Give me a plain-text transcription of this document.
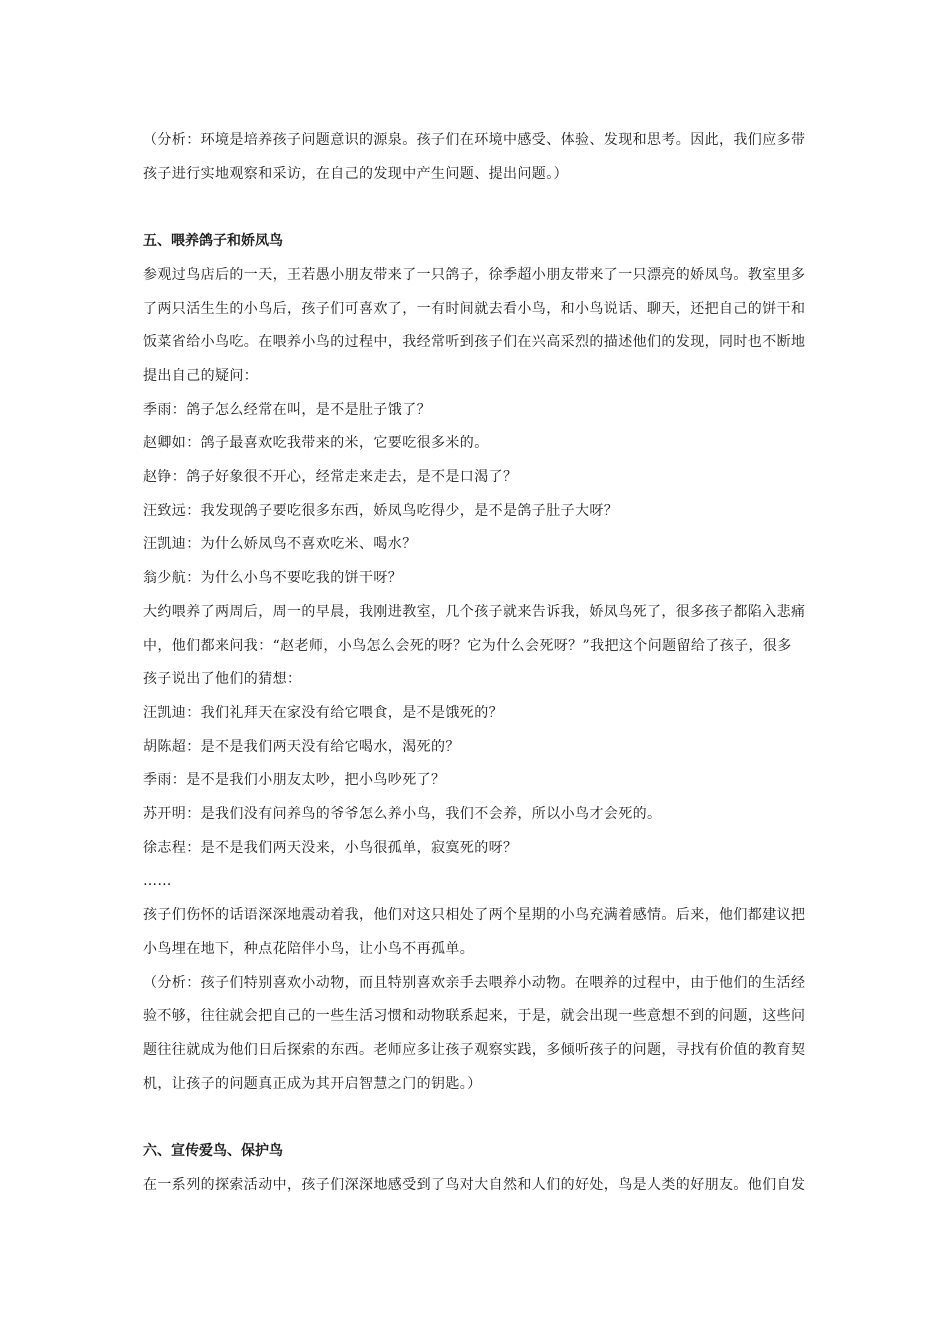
（分析：环境是培养孩子问题意识的源泉。孩子们在环境中感受、体验、发现和思考。因此，我们应多带
孩子进行实地观察和采访，在自己的发现中产生问题、提出问题。）
五、喂养鸽子和娇凤鸟
参观过鸟店后的一天，王若愚小朋友带来了一只鸽子，徐季超小朋友带来了一只漂亮的娇凤鸟。教室里多
了两只活生生的小鸟后，孩子们可喜欢了，一有时间就去看小鸟，和小鸟说话、聊天，还把自己的饼干和
饭菜省给小鸟吃。在喂养小鸟的过程中，我经常听到孩子们在兴高采烈的描述他们的发现，同时也不断地
提出自己的疑问：
季雨：鸽子怎么经常在叫，是不是肚子饿了？
赵卿如：鸽子最喜欢吃我带来的米，它要吃很多米的。
赵铮：鸽子好象很不开心，经常走来走去，是不是口渴了？
汪致远：我发现鸽子要吃很多东西，娇凤鸟吃得少，是不是鸽子肚子大呀？
汪凯迪：为什么娇凤鸟不喜欢吃米、喝水？
翁少航：为什么小鸟不要吃我的饼干呀？
大约喂养了两周后，周一的早晨，我刚进教室，几个孩子就来告诉我，娇凤鸟死了，很多孩子都陷入悲痛
中，他们都来问我：“赵老师，小鸟怎么会死的呀？它为什么会死呀？”我把这个问题留给了孩子，很多
孩子说出了他们的猜想：
汪凯迪：我们礼拜天在家没有给它喂食，是不是饿死的？
胡陈超：是不是我们两天没有给它喝水，渴死的？
季雨：是不是我们小朋友太吵，把小鸟吵死了？
苏开明：是我们没有问养鸟的爷爷怎么养小鸟，我们不会养，所以小鸟才会死的。
徐志程：是不是我们两天没来，小鸟很孤单，寂寞死的呀？
……
孩子们伤怀的话语深深地震动着我，他们对这只相处了两个星期的小鸟充满着感情。后来，他们都建议把
小鸟埋在地下，种点花陪伴小鸟，让小鸟不再孤单。
（分析：孩子们特别喜欢小动物，而且特别喜欢亲手去喂养小动物。在喂养的过程中，由于他们的生活经
验不够，往往就会把自己的一些生活习惯和动物联系起来，于是，就会出现一些意想不到的问题，这些问
题往往就成为他们日后探索的东西。老师应多让孩子观察实践，多倾听孩子的问题，寻找有价值的教育契
机，让孩子的问题真正成为其开启智慧之门的钥匙。）
六、宣传爱鸟、保护鸟
在一系列的探索活动中，孩子们深深地感受到了鸟对大自然和人们的好处，鸟是人类的好朋友。他们自发
